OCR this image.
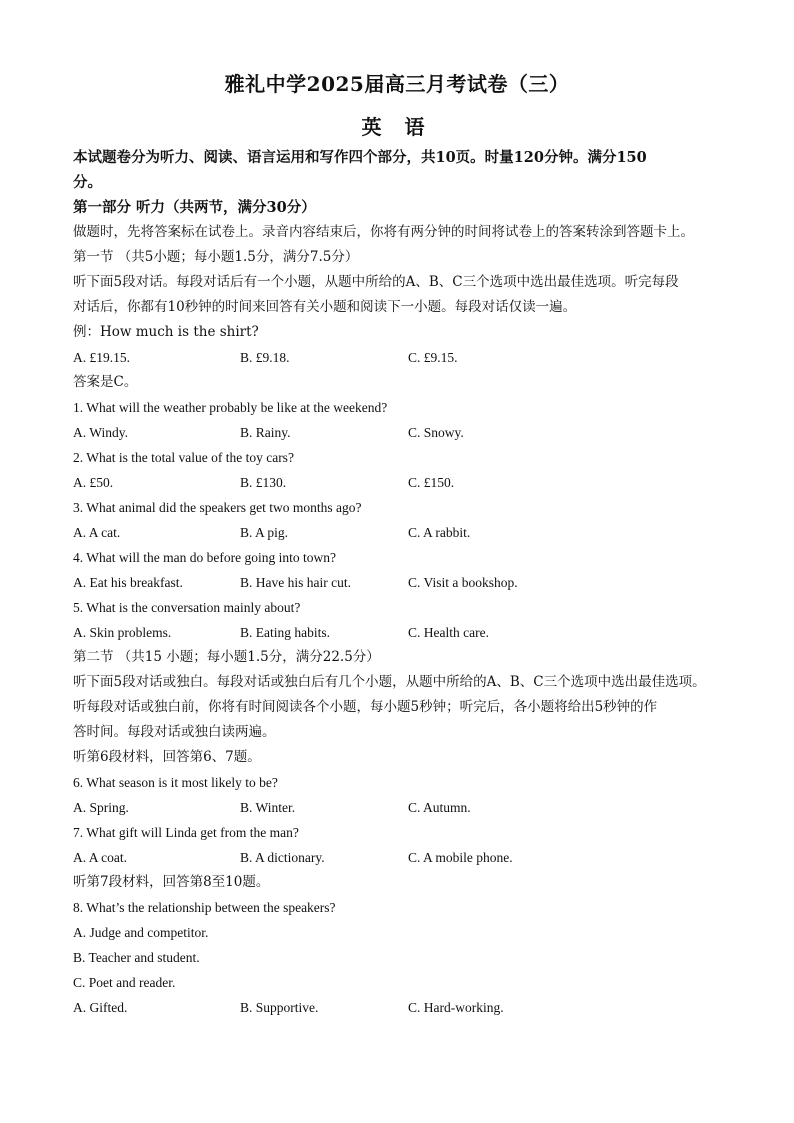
雅礼中学2025届高三月考试卷（三）
英 语
本试题卷分为听力、阅读、语言运用和写作四个部分，共10页。时量120分钟。满分150
分。
第一部分 听力（共两节，满分30分）
做题时，先将答案标在试卷上。录音内容结束后，你将有两分钟的时间将试卷上的答案转涂到答题卡上。
第一节 （共5小题；每小题1.5分，满分7.5分）
听下面5段对话。每段对话后有一个小题，从题中所给的A、B、C三个选项中选出最佳选项。听完每段
对话后，你都有10秒钟的时间来回答有关小题和阅读下一小题。每段对话仅读一遍。
例：How much is the shirt?
A. £19.15.	B. £9.18.	C. £9.15.
答案是C。
1. What will the weather probably be like at the weekend?
A. Windy.	B. Rainy.	C. Snowy.
2. What is the total value of the toy cars?
A. £50.	B. £130.	C. £150.
3. What animal did the speakers get two months ago?
A. A cat.	B. A pig.	C. A rabbit.
4. What will the man do before going into town?
A. Eat his breakfast.	B. Have his hair cut.	C. Visit a bookshop.
5. What is the conversation mainly about?
A. Skin problems.	B. Eating habits.	C. Health care.
第二节 （共15 小题；每小题1.5分，满分22.5分）
听下面5段对话或独白。每段对话或独白后有几个小题，从题中所给的A、B、C三个选项中选出最佳选项。
听每段对话或独白前，你将有时间阅读各个小题，每小题5秒钟；听完后，各小题将给出5秒钟的作
答时间。每段对话或独白读两遍。
听第6段材料，回答第6、7题。
6. What season is it most likely to be?
A. Spring.	B. Winter.	C. Autumn.
7. What gift will Linda get from the man?
A. A coat.	B. A dictionary.	C. A mobile phone.
听第7段材料，回答第8至10题。
8. What’s the relationship between the speakers?
A. Judge and competitor.
B. Teacher and student.
C. Poet and reader.
A. Gifted.	B. Supportive.	C. Hard-working.
